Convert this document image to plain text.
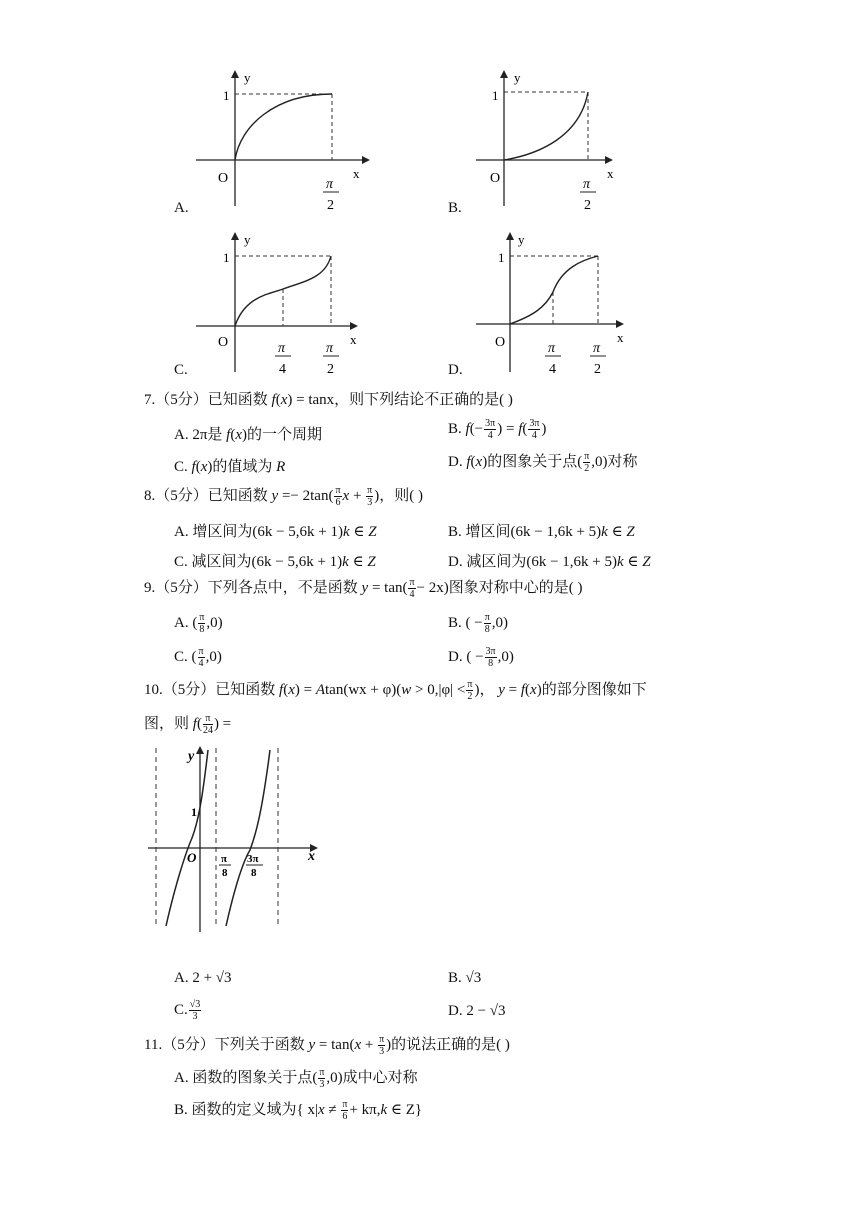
y
1
O	x
π
2
A.
y
1
O	x
π
2
B.
y
1
O	x
π
4
π
2
C.
y
1
O	x
π
4
π
2
D.
7.（5分）已知函数 f(x) = tanx，则下列结论不正确的是( )
A. 2π是 f(x)的一个周期	B. $f(- \frac{3\pi}{4}$ ) = $f( \frac{3\pi}{4}$ )
C. f(x)的值域为 R	D. f(x)的图象关于点( $\frac{\pi}{2} ,0$)对称
8.（5分）已知函数 $y =- 2\tan( \frac{\pi}{6}$ $x + \frac{\pi}{3}$ )，则( )
A. 增区间为(6k − 5,6k + 1)k ∈ Z	B. 增区间(6k − 1,6k + 5)k ∈ Z
C. 减区间为(6k − 5,6k + 1)k ∈ Z	D. 减区间为(6k − 1,6k + 5)k ∈ Z
9.（5分）下列各点中，不是函数 $y = \tan( \frac{\pi}{4} - 2x)$图象对称中心的是( )
A. ( $\frac{\pi}{8} ,0$)	B. ( − $\frac{\pi}{8} ,0$)
C. ( $\frac{\pi}{4} ,0$)	D. ( − $\frac{3\pi}{8} ,0$)
10.（5分）已知函数 $f(x) = Atan(wx + \varphi)(w > 0,|\varphi| < \frac{\pi}{2}$ )， y = f(x)的部分图像如下
图，则 $f( \frac{\pi}{24}$ ) =
y
1
O	x
π
8
3π
8
A. 2 + √3	B. √3
C. $\frac{√3}{3}$	D. 2 − √3
11.（5分）下列关于函数 $y = \tan(x + \frac{\pi}{3}$ )的说法正确的是( )
A. 函数的图象关于点( $\frac{\pi}{3} ,0$)成中心对称
B. 函数的定义域为{ $x|x \ne \frac{\pi}{6} + k\pi,k$ ∈ Z}
